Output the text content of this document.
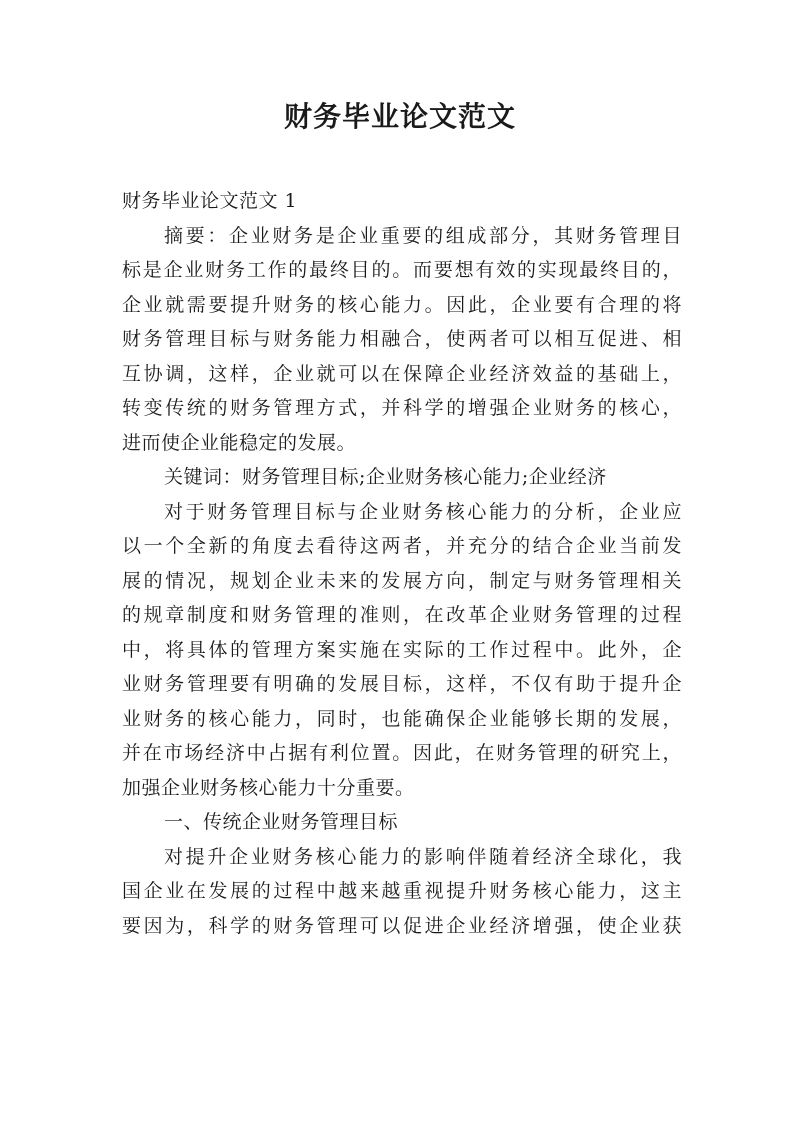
财务毕业论文范文
财务毕业论文范文 1
摘要：企业财务是企业重要的组成部分，其财务管理目
标是企业财务工作的最终目的。而要想有效的实现最终目的，
企业就需要提升财务的核心能力。因此，企业要有合理的将
财务管理目标与财务能力相融合，使两者可以相互促进、相
互协调，这样，企业就可以在保障企业经济效益的基础上，
转变传统的财务管理方式，并科学的增强企业财务的核心，
进而使企业能稳定的发展。
关键词：财务管理目标;企业财务核心能力;企业经济
对于财务管理目标与企业财务核心能力的分析，企业应
以一个全新的角度去看待这两者，并充分的结合企业当前发
展的情况，规划企业未来的发展方向，制定与财务管理相关
的规章制度和财务管理的准则，在改革企业财务管理的过程
中，将具体的管理方案实施在实际的工作过程中。此外，企
业财务管理要有明确的发展目标，这样，不仅有助于提升企
业财务的核心能力，同时，也能确保企业能够长期的发展，
并在市场经济中占据有利位置。因此，在财务管理的研究上，
加强企业财务核心能力十分重要。
一、传统企业财务管理目标
对提升企业财务核心能力的影响伴随着经济全球化，我
国企业在发展的过程中越来越重视提升财务核心能力，这主
要因为，科学的财务管理可以促进企业经济增强，使企业获
